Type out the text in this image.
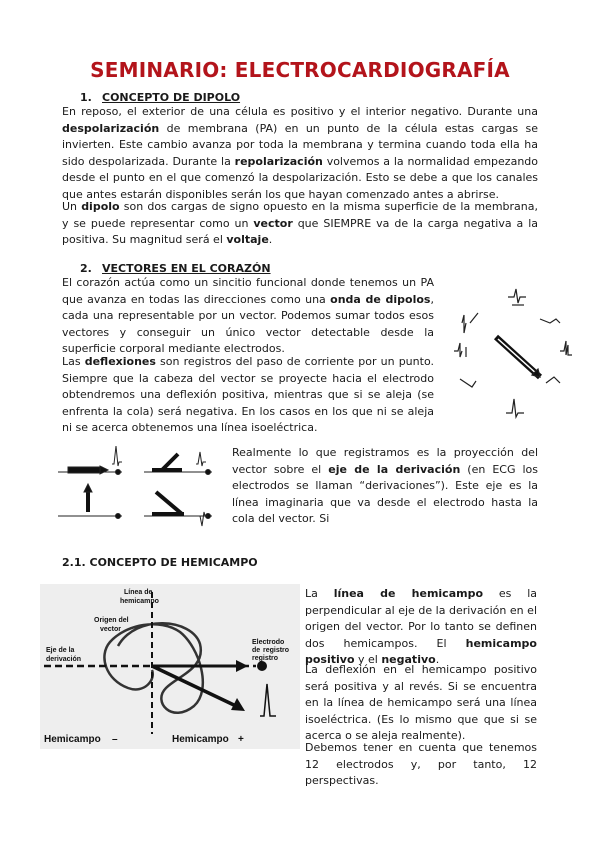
SEMINARIO: ELECTROCARDIOGRAFÍA
1. CONCEPTO DE DIPOLO

En reposo, el exterior de una célula es positivo y el interior negativo. Durante una despolarización de membrana (PA) en un punto de la célula estas cargas se invierten. Este cambio avanza por toda la membrana y termina cuando toda ella ha sido despolarizada. Durante la repolarización volvemos a la normalidad empezando desde el punto en el que comenzó la despolarización. Esto se debe a que los canales que antes estarán disponibles serán los que hayan comenzado antes a abrirse.

Un dipolo son dos cargas de signo opuesto en la misma superficie de la membrana, y se puede representar como un vector que SIEMPRE va de la carga negativa a la positiva. Su magnitud será el voltaje.

2. VECTORES EN EL CORAZÓN

El corazón actúa como un sincitio funcional donde tenemos un PA que avanza en todas las direcciones como una onda de dipolos, cada una representable por un vector. Podemos sumar todos esos vectores y conseguir un único vector detectable desde la superficie corporal mediante electrodos.

Las deflexiones son registros del paso de corriente por un punto. Siempre que la cabeza del vector se proyecte hacia el electrodo obtendremos una deflexión positiva, mientras que si se aleja (se enfrenta la cola) será negativa. En los casos en los que ni se aleja ni se acerca obtenemos una línea isoeléctrica.

Realmente lo que registramos es la proyección del vector sobre el eje de la derivación (en ECG los electrodos se llaman “derivaciones”). Este eje es la línea imaginaria que va desde el electrodo hasta la cola del vector. Si

2.1. CONCEPTO DE HEMICAMPO
Línea de
hemicampo
Origen del
vector
Eje de la
derivación
Electrodo
de registro
registro
Hemicampo –	Hemicampo +

La línea de hemicampo es la perpendicular al eje de la derivación en el origen del vector. Por lo tanto se definen dos hemicampos. El hemicampo positivo y el negativo.

La deflexión en el hemicampo positivo será positiva y al revés. Si se encuentra en la línea de hemicampo será una línea isoeléctrica. (Es lo mismo que que si se acerca o se aleja realmente).

Debemos tener en cuenta que tenemos 12 electrodos y, por tanto, 12 perspectivas.
